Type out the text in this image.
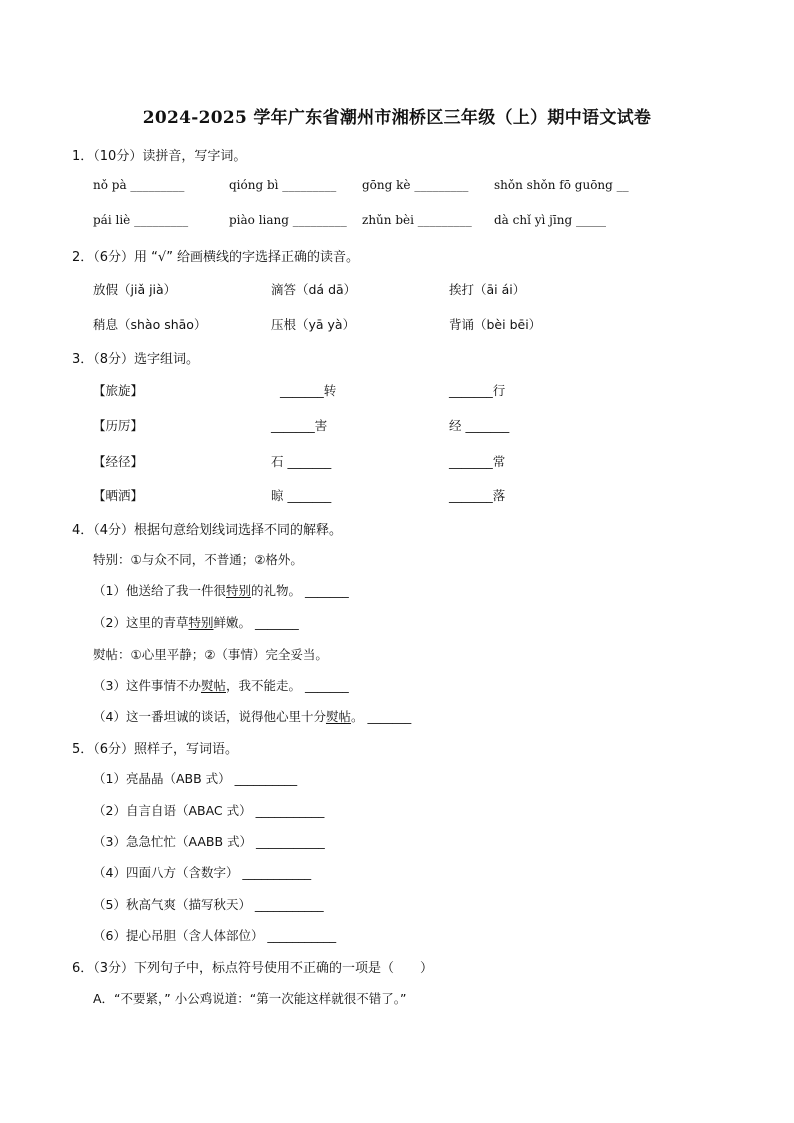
2024-2025 学年广东省潮州市湘桥区三年级（上）期中语文试卷
1．（10分）读拼音，写字词。
nǒ pà _________	qióng bì _________ gōng kè _________ shǒn shǒn fō guōng __
pái liè _________	piào liang _________ zhǔn bèi _________ dà chǐ yì jīng _____
2．（6分）用 “√” 给画横线的字选择正确的读音。
放假（jiǎ jià）	滴答（dá dā）	挨打（āi ái）
稍息（shào shāo）	压根（yā yà）	背诵（bèi bēi）
3．（8分）选字组词。
【旅旋】	_______转	_______行
【历厉】	_______害	经 _______
【经径】	石 _______	_______常
【晒洒】	晾 _______	_______落
4．（4分）根据句意给划线词选择不同的解释。
特别：①与众不同，不普通；②格外。
（1）他送给了我一件很特别的礼物。 _______
（2）这里的青草特别鲜嫩。 _______
熨帖：①心里平静；②（事情）完全妥当。
（3）这件事情不办熨帖，我不能走。 _______
（4）这一番坦诚的谈话，说得他心里十分熨帖。 _______
5．（6分）照样子，写词语。
（1）亮晶晶（ABB 式） __________
（2）自言自语（ABAC 式） ___________
（3）急急忙忙（AABB 式） ___________
（4）四面八方（含数字） ___________
（5）秋高气爽（描写秋天） ___________
（6）提心吊胆（含人体部位） ___________
6．（3分）下列句子中，标点符号使用不正确的一项是（　　）
A．“不要紧，” 小公鸡说道：“第一次能这样就很不错了。”
